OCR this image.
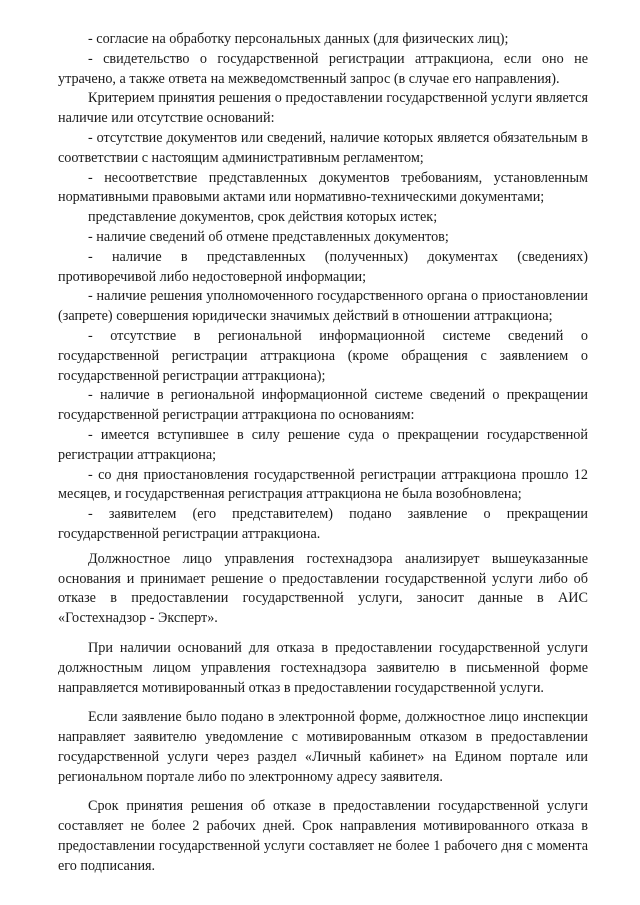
- согласие на обработку персональных данных (для физических лиц);

- свидетельство о государственной регистрации аттракциона, если оно не утрачено, а также ответа на межведомственный запрос (в случае его направления).

Критерием принятия решения о предоставлении государственной услуги является наличие или отсутствие оснований:

- отсутствие документов или сведений, наличие которых является обязательным в соответствии с настоящим административным регламентом;

- несоответствие представленных документов требованиям, установленным нормативными правовыми актами или нормативно-техническими документами;

представление документов, срок действия которых истек;

- наличие сведений об отмене представленных документов;

- наличие в представленных (полученных) документах (сведениях) противоречивой либо недостоверной информации;

- наличие решения уполномоченного государственного органа о приостановлении (запрете) совершения юридически значимых действий в отношении аттракциона;

- отсутствие в региональной информационной системе сведений о государственной регистрации аттракциона (кроме обращения с заявлением о государственной регистрации аттракциона);

- наличие в региональной информационной системе сведений о прекращении государственной регистрации аттракциона по основаниям:

- имеется вступившее в силу решение суда о прекращении государственной регистрации аттракциона;

- со дня приостановления государственной регистрации аттракциона прошло 12 месяцев, и государственная регистрация аттракциона не была возобновлена;

- заявителем (его представителем) подано заявление о прекращении государственной регистрации аттракциона.

Должностное лицо управления гостехнадзора анализирует вышеуказанные основания и принимает решение о предоставлении государственной услуги либо об отказе в предоставлении государственной услуги, заносит данные в АИС «Гостехнадзор - Эксперт».

При наличии оснований для отказа в предоставлении государственной услуги должностным лицом управления гостехнадзора заявителю в письменной форме направляется мотивированный отказ в предоставлении государственной услуги.

Если заявление было подано в электронной форме, должностное лицо инспекции направляет заявителю уведомление с мотивированным отказом в предоставлении государственной услуги через раздел «Личный кабинет» на Едином портале или региональном портале либо по электронному адресу заявителя.

Срок принятия решения об отказе в предоставлении государственной услуги составляет не более 2 рабочих дней. Срок направления мотивированного отказа в предоставлении государственной услуги составляет не более 1 рабочего дня с момента его подписания.
